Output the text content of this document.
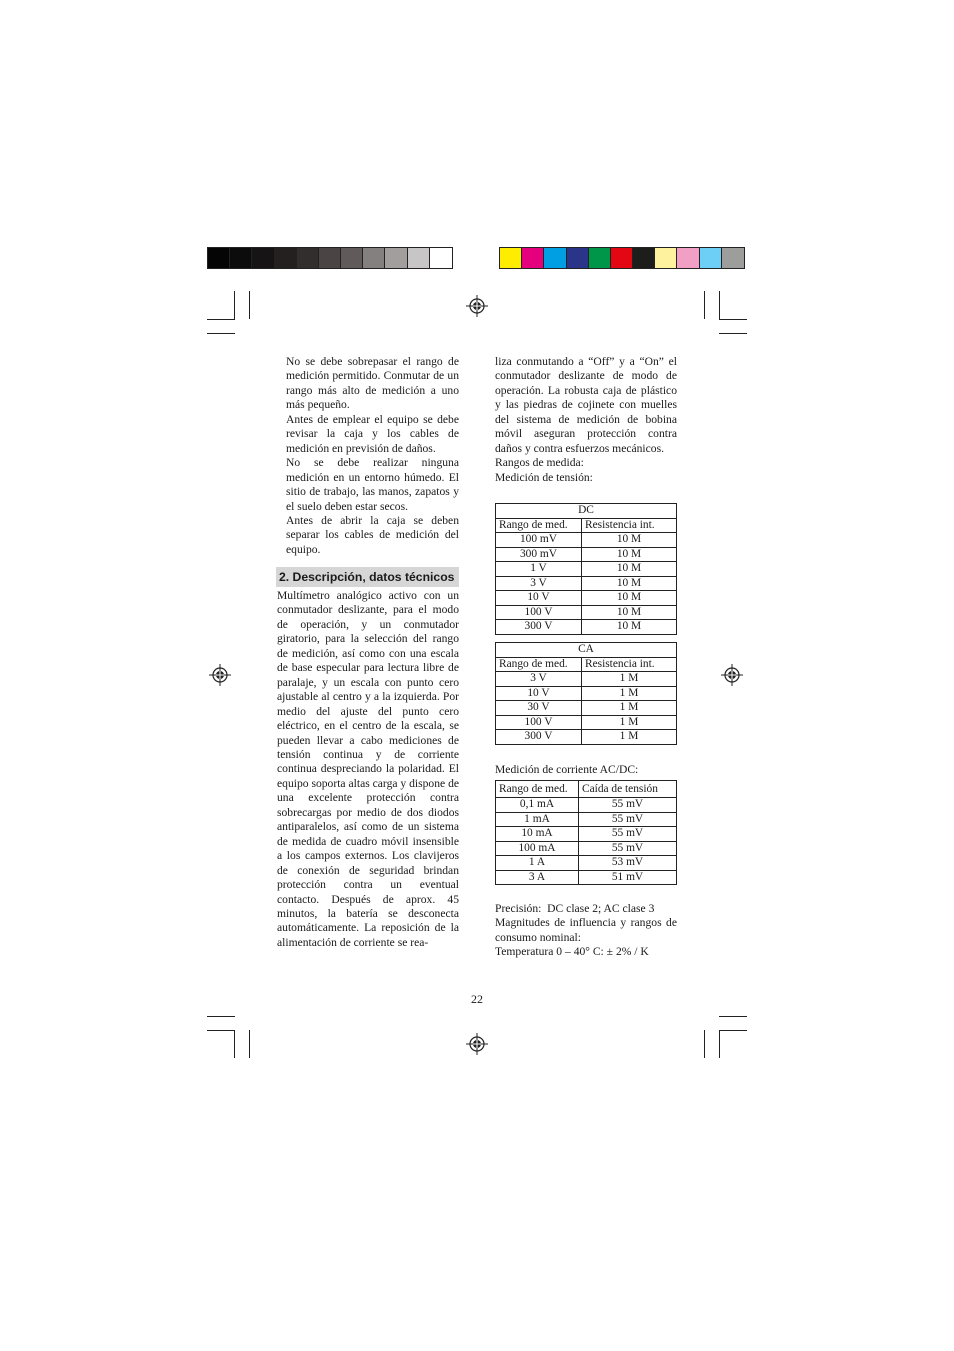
No se debe sobrepasar el rango de medición permitido. Conmutar de un rango más alto de medición a uno más pequeño.

Antes de emplear el equipo se debe revisar la caja y los cables de medición en previsión de daños.

No se debe realizar ninguna medición en un entorno húmedo. El sitio de trabajo, las manos, zapatos y el suelo deben estar secos.

Antes de abrir la caja se deben separar los cables de medición del equipo.

2. Descripción, datos técnicos

Multímetro analógico activo con un conmutador deslizante, para el modo de operación, y un conmutador giratorio, para la selección del rango de medición, así como con una escala de base especular para lectura libre de paralaje, y un escala con punto cero ajustable al centro y a la izquierda. Por medio del ajuste del punto cero eléctrico, en el centro de la escala, se pueden llevar a cabo mediciones de tensión continua y de corriente continua despreciando la polaridad. El equipo soporta altas carga y dispone de una excelente protección contra sobrecargas por medio de dos diodos antiparalelos, así como de un sistema de medida de cuadro móvil insensible a los campos externos. Los clavijeros de conexión de seguridad brindan protección contra un eventual contacto. Después de aprox. 45 minutos, la batería se desconecta automáticamente. La reposición de la alimentación de corriente se rea-

liza conmutando a “Off” y a “On” el conmutador deslizante de modo de operación. La robusta caja de plástico y las piedras de cojinete con muelles del sistema de medición de bobina móvil aseguran protección contra daños y contra esfuerzos mecánicos.

Rangos de medida:

Medición de tensión:

DC	
Rango de med.	Resistencia int.
100 mV	10 M
300 mV	10 M
1 V	10 M
3 V	10 M
10 V	10 M
100 V	10 M
300 V	10 M
CA	
Rango de med.	Resistencia int.
3 V	1 M
10 V	1 M
30 V	1 M
100 V	1 M
300 V	1 M
Medición de corriente AC/DC:
Rango de med.	Caída de tensión
0,1 mA	55 mV
1 mA	55 mV
10 mA	55 mV
100 mA	55 mV
1 A	53 mV
3 A	51 mV

Precisión:  DC clase 2; AC clase 3

Magnitudes de influencia y rangos de consumo nominal:

Temperatura 0 – 40° C: ± 2% / K

22
